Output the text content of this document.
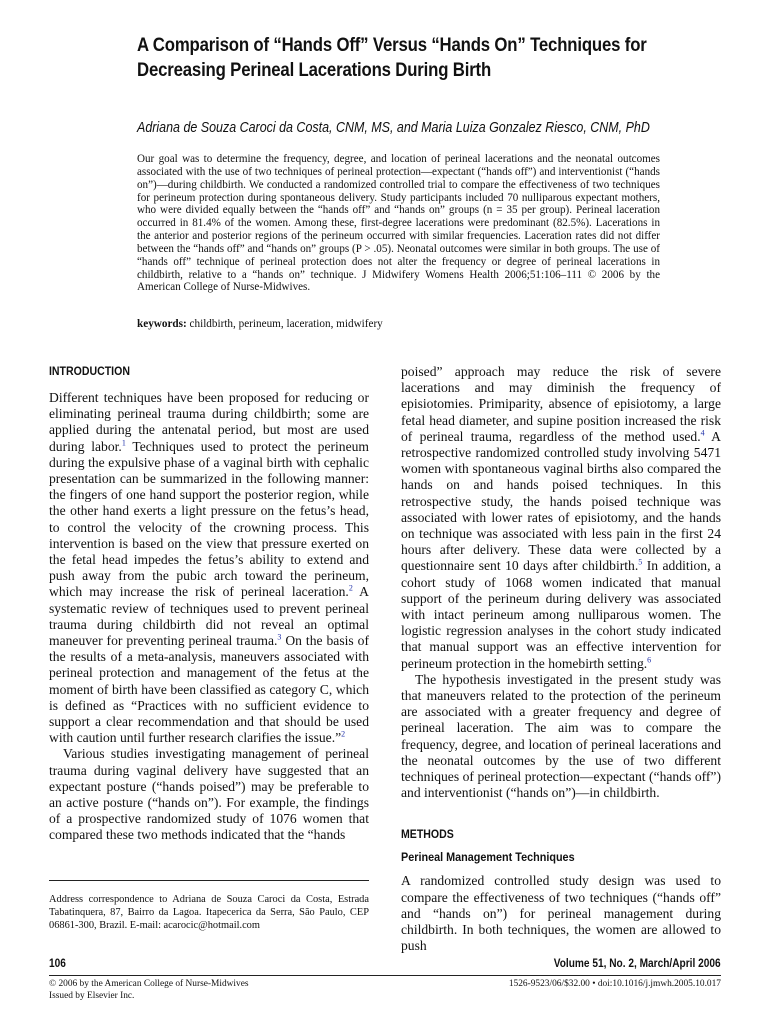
A Comparison of “Hands Off” Versus “Hands On” Techniques for Decreasing Perineal Lacerations During Birth

Adriana de Souza Caroci da Costa, CNM, MS, and Maria Luiza Gonzalez Riesco, CNM, PhD

Our goal was to determine the frequency, degree, and location of perineal lacerations and the neonatal outcomes associated with the use of two techniques of perineal protection—expectant (“hands off”) and interventionist (“hands on”)—during childbirth. We conducted a randomized controlled trial to compare the effectiveness of two techniques for perineum protection during spontaneous delivery. Study participants included 70 nulliparous expectant mothers, who were divided equally between the “hands off” and “hands on” groups (n = 35 per group). Perineal laceration occurred in 81.4% of the women. Among these, first-degree lacerations were predominant (82.5%). Lacerations in the anterior and posterior regions of the perineum occurred with similar frequencies. Laceration rates did not differ between the “hands off” and “hands on” groups (P > .05). Neonatal outcomes were similar in both groups. The use of “hands off” technique of perineal protection does not alter the frequency or degree of perineal lacerations in childbirth, relative to a “hands on” technique. J Midwifery Womens Health 2006;51:106–111 © 2006 by the American College of Nurse-Midwives.

keywords: childbirth, perineum, laceration, midwifery

INTRODUCTION

Different techniques have been proposed for reducing or eliminating perineal trauma during childbirth; some are applied during the antenatal period, but most are used during labor.$^1$ Techniques used to protect the perineum during the expulsive phase of a vaginal birth with cephalic presentation can be summarized in the following manner: the fingers of one hand support the posterior region, while the other hand exerts a light pressure on the fetus’s head, to control the velocity of the crowning process. This intervention is based on the view that pressure exerted on the fetal head impedes the fetus’s ability to extend and push away from the pubic arch toward the perineum, which may increase the risk of perineal laceration.$^2$ A systematic review of techniques used to prevent perineal trauma during childbirth did not reveal an optimal maneuver for preventing perineal trauma.$^3$ On the basis of the results of a meta-analysis, maneuvers associated with perineal protection and management of the fetus at the moment of birth have been classified as category C, which is defined as “Practices with no sufficient evidence to support a clear recommendation and that should be used with caution until further research clarifies the issue.”$^2$

Various studies investigating management of perineal trauma during vaginal delivery have suggested that an expectant posture (“hands poised”) may be preferable to an active posture (“hands on”). For example, the findings of a prospective randomized study of 1076 women that compared these two methods indicated that the “hands

poised” approach may reduce the risk of severe lacerations and may diminish the frequency of episiotomies. Primiparity, absence of episiotomy, a large fetal head diameter, and supine position increased the risk of perineal trauma, regardless of the method used.$^4$ A retrospective randomized controlled study involving 5471 women with spontaneous vaginal births also compared the hands on and hands poised techniques. In this retrospective study, the hands poised technique was associated with lower rates of episiotomy, and the hands on technique was associated with less pain in the first 24 hours after delivery. These data were collected by a questionnaire sent 10 days after childbirth.$^5$ In addition, a cohort study of 1068 women indicated that manual support of the perineum during delivery was associated with intact perineum among nulliparous women. The logistic regression analyses in the cohort study indicated that manual support was an effective intervention for perineum protection in the homebirth setting.$^6$

The hypothesis investigated in the present study was that maneuvers related to the protection of the perineum are associated with a greater frequency and degree of perineal laceration. The aim was to compare the frequency, degree, and location of perineal lacerations and the neonatal outcomes by the use of two different techniques of perineal protection—expectant (“hands off”) and interventionist (“hands on”)—in childbirth.

METHODS
Perineal Management Techniques

A randomized controlled study design was used to compare the effectiveness of two techniques (“hands off” and “hands on”) for perineal management during childbirth. In both techniques, the women are allowed to push

Address correspondence to Adriana de Souza Caroci da Costa, Estrada Tabatinquera, 87, Bairro da Lagoa. Itapecerica da Serra, São Paulo, CEP 06861-300, Brazil. E-mail: acarocic@hotmail.com

106	Volume 51, No. 2, March/April 2006
© 2006 by the American College of Nurse-Midwives
Issued by Elsevier Inc.
1526-9523/06/$32.00 • doi:10.1016/j.jmwh.2005.10.017
